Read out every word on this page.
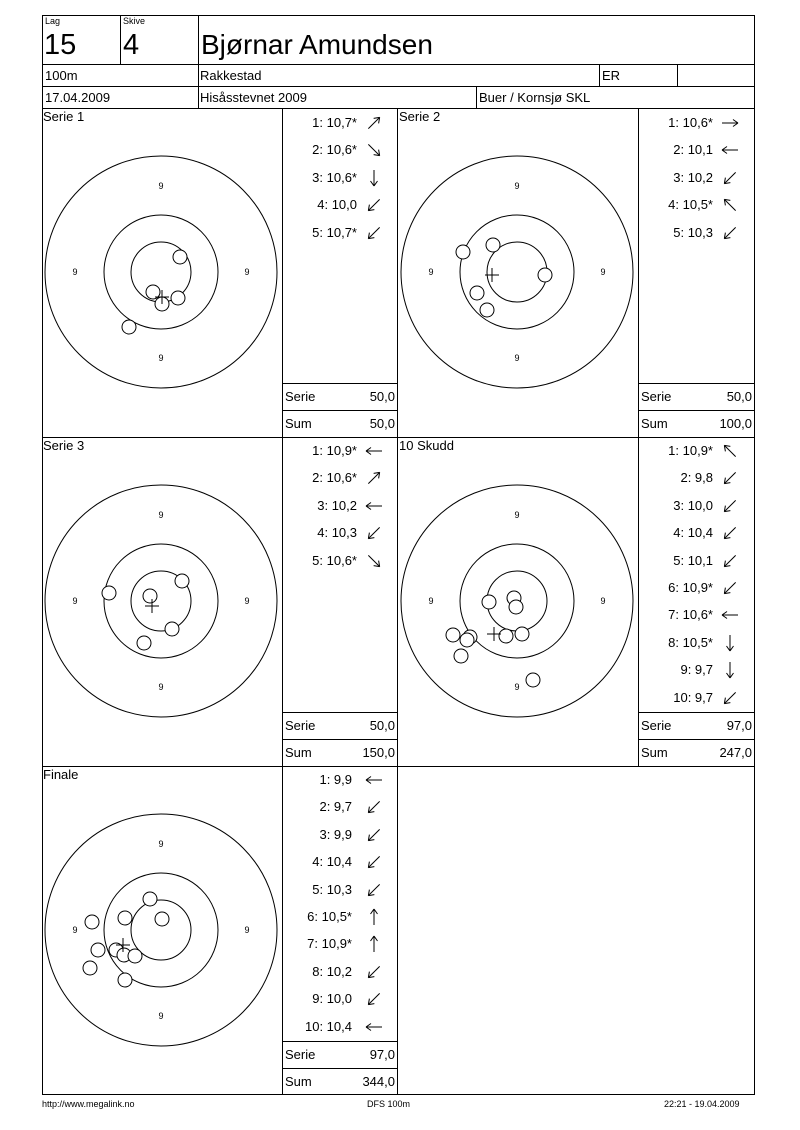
Lag	Skive
15 4 Bjørnar Amundsen
100m	Rakkestad	ER
17.04.2009	Hisåsstevnet 2009	Buer / Kornsjø SKL
Serie 1
9
9
9	9
1: 10,7*
2: 10,6*
3: 10,6*
4: 10,0
5: 10,7*
Serie	50,0
Sum	50,0
Serie 2
9
9
9	9
1: 10,6*
2: 10,1
3: 10,2
4: 10,5*
5: 10,3
Serie	50,0
Sum	100,0
Serie 3
9
9
9	9
1: 10,9*
2: 10,6*
3: 10,2
4: 10,3
5: 10,6*
Serie	50,0
Sum	150,0
10 Skudd
9
9
9	9
1: 10,9*
2: 9,8
3: 10,0
4: 10,4
5: 10,1
6: 10,9*
7: 10,6*
8: 10,5*
9: 9,7
10: 9,7
Serie	97,0
Sum	247,0
Finale
9
9
9	9
1: 9,9
2: 9,7
3: 9,9
4: 10,4
5: 10,3
6: 10,5*
7: 10,9*
8: 10,2
9: 10,0
10: 10,4
Serie	97,0
Sum	344,0
http://www.megalink.no	DFS 100m	22:21 - 19.04.2009
